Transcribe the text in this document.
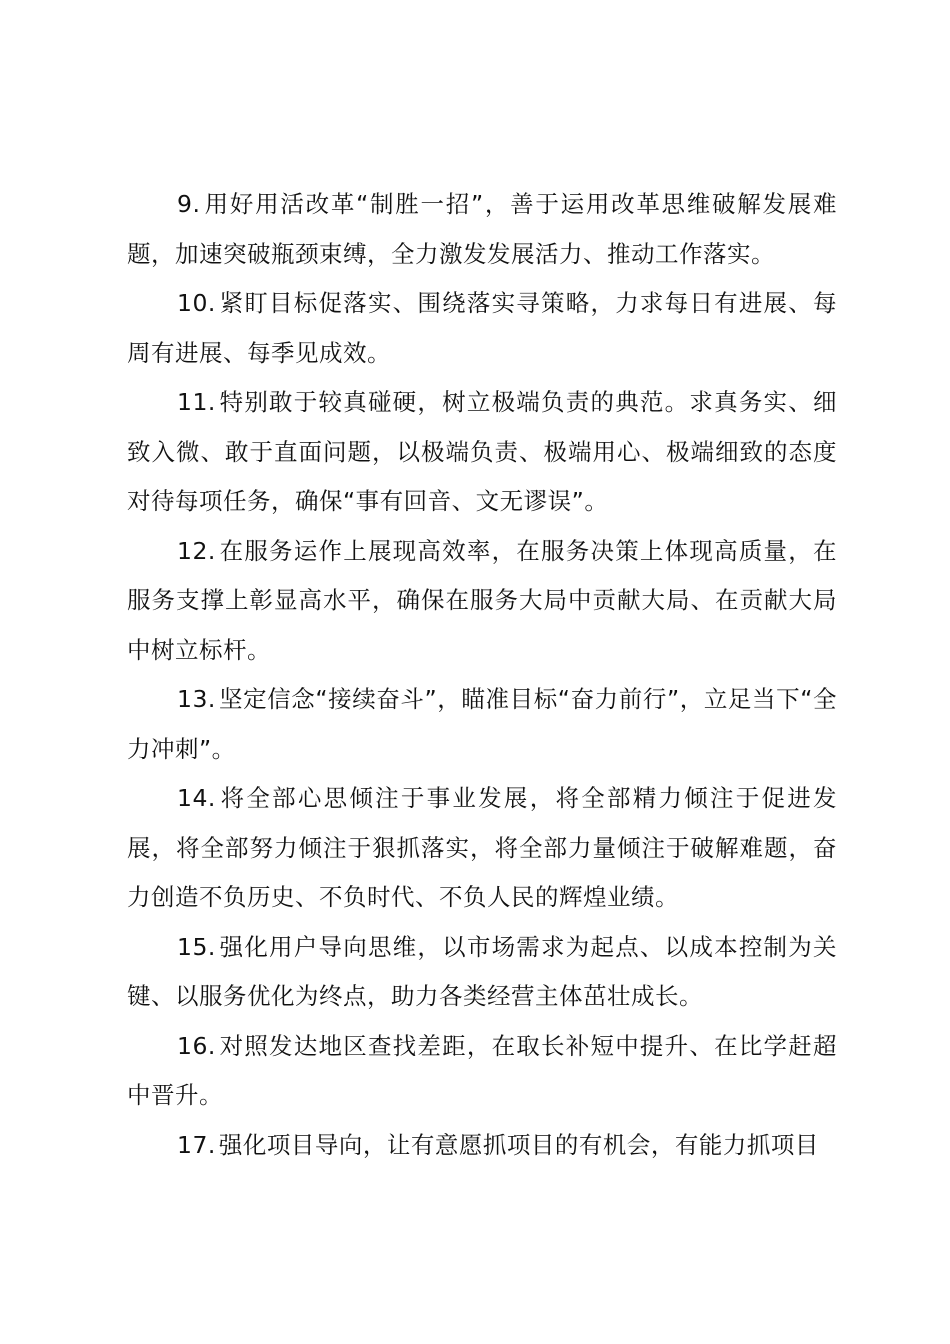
9. 用好用活改革“制胜一招”，善于运用改革思维破解发展难题，加速突破瓶颈束缚，全力激发发展活力、推动工作落实。

10. 紧盯目标促落实、围绕落实寻策略，力求每日有进展、每周有进展、每季见成效。

11. 特别敢于较真碰硬，树立极端负责的典范。求真务实、细致入微、敢于直面问题，以极端负责、极端用心、极端细致的态度对待每项任务，确保“事有回音、文无谬误”。

12. 在服务运作上展现高效率，在服务决策上体现高质量，在服务支撑上彰显高水平，确保在服务大局中贡献大局、在贡献大局中树立标杆。

13. 坚定信念“接续奋斗”，瞄准目标“奋力前行”，立足当下“全力冲刺”。

14. 将全部心思倾注于事业发展，将全部精力倾注于促进发展，将全部努力倾注于狠抓落实，将全部力量倾注于破解难题，奋力创造不负历史、不负时代、不负人民的辉煌业绩。

15. 强化用户导向思维，以市场需求为起点、以成本控制为关键、以服务优化为终点，助力各类经营主体茁壮成长。

16. 对照发达地区查找差距，在取长补短中提升、在比学赶超中晋升。

17. 强化项目导向，让有意愿抓项目的有机会，有能力抓项目
